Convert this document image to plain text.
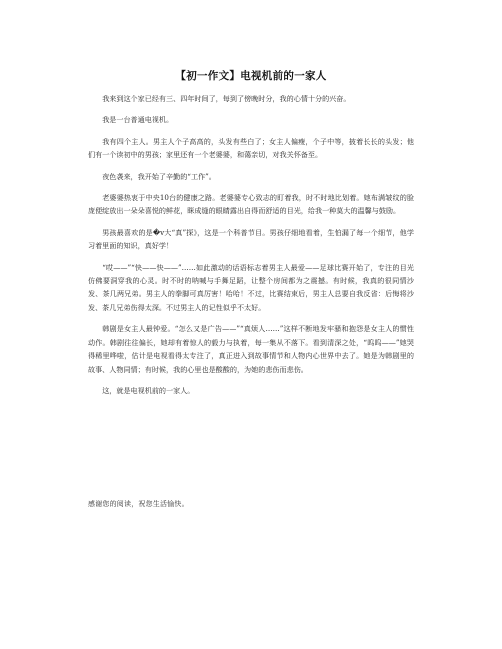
【初一作文】电视机前的一家人

我来到这个家已经有三、四年时间了，每到了傍晚时分，我的心情十分的兴奋。

我是一台普通电视机。

我有四个主人。男主人个子高高的，头发有些白了；女主人偏瘦，个子中等，披着长长的头发；他们有一个读初中的男孩；家里还有一个老婆婆，和蔼亲切，对我关怀备至。

夜色袭来，我开始了辛勤的“工作”。

老婆婆热衷于中央10台的健康之路。老婆婆专心致志的盯着我，时不时地比划着。她布满皱纹的脸庞便绽放出一朵朵喜悦的鲜花，眯成缝的眼睛露出自得而舒适的目光，给我一种莫大的温馨与鼓励。

男孩最喜欢的是�v大“真”探》，这是一个科普节目。男孩仔细地看着，生怕漏了每一个细节，他学习着里面的知识，真好学！

“哎——”“快——快——”……如此激动的话语标志着男主人最爱——足球比赛开始了，专注的目光仿佛要洞穿我的心灵。时不时的呐喊与手舞足蹈，让整个房间都为之震撼。有时候，我真的很同情沙发、茶几两兄弟。男主人的拳脚可真厉害！哈哈！不过，比赛结束后，男主人总要自我反省：后悔将沙发、茶几兄弟伤得太深。不过男主人的记性似乎不太好。

韩剧是女主人最钟爱。“怎么又是广告——”“真烦人……”这样不断地发牢骚和抱怨是女主人的惯性动作。韩剧往往偏长，她却有着惊人的毅力与执着，每一集从不落下。看到清深之处，“呜呜——”她哭得稀里哗啦，估计是电视看得太专注了，真正进入到故事情节和人物内心世界中去了。她是为韩剧里的故事、人物同情；有时候，我的心里也是酸酸的，为她的悲伤而悲伤。

这，就是电视机前的一家人。

感谢您的阅读，祝您生活愉快。
